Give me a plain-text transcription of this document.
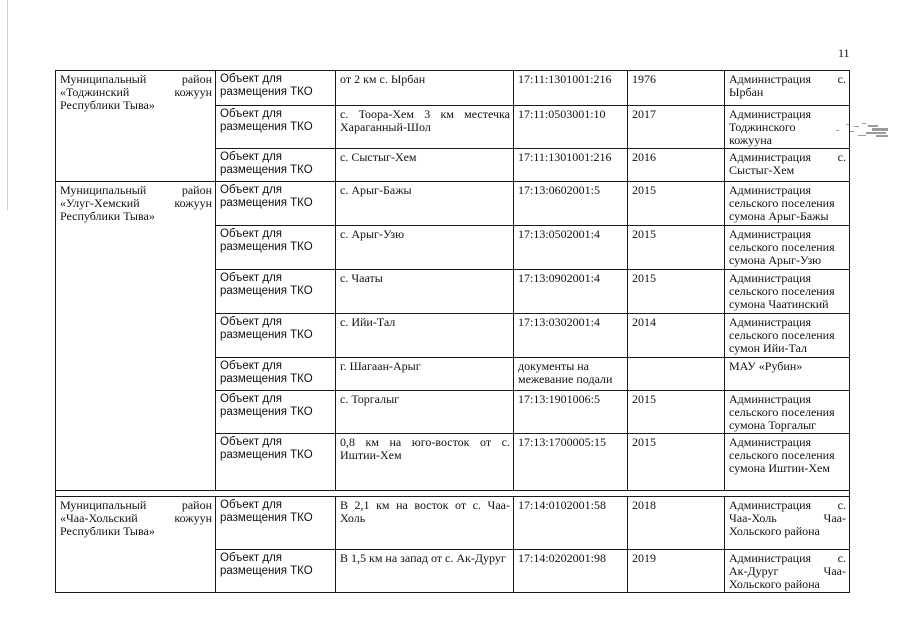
11
Муниципальный район
«Тоджинский кожуун
Республики Тыва»	Объект для размещения ТКО	от 2 км с. Ырбан	17:11:1301001:216	1976	Администрация с.
Ырбан

	Объект для размещения ТКО	с. Тоора-Хем 3 км местечка Хараганный-Шол	17:11:0503001:10	2017	Администрация
Тоджинского
кожууна

	Объект для размещения ТКО	с. Сыстыг-Хем	17:11:1301001:216	2016	Администрация с.
Сыстыг-Хем

Муниципальный район
«Улуг-Хемский кожуун
Республики Тыва»	Объект для размещения ТКО	с. Арыг-Бажы	17:13:0602001:5	2015	Администрация
сельского поселения
сумона Арыг-Бажы

	Объект для размещения ТКО	с. Арыг-Узю	17:13:0502001:4	2015	Администрация
сельского поселения
сумона Арыг-Узю

	Объект для размещения ТКО	с. Чааты	17:13:0902001:4	2015	Администрация
сельского поселения
сумона Чаатинский

	Объект для размещения ТКО	с. Ийи-Тал	17:13:0302001:4	2014	Администрация
сельского поселения
сумон Ийи-Тал

	Объект для размещения ТКО	г. Шагаан-Арыг	документы на межевание подали		МАУ «Рубин»

	Объект для размещения ТКО	с. Торгалыг	17:13:1901006:5	2015	Администрация
сельского поселения
сумона Торгалыг

	Объект для размещения ТКО	0,8 км на юго-восток от с. Иштии-Хем	17:13:1700005:15	2015	Администрация
сельского поселения
сумона Иштии-Хем

Муниципальный район
«Чаа-Хольский кожуун
Республики Тыва»	Объект для размещения ТКО	В 2,1 км на восток от с. Чаа-Холь	17:14:0102001:58	2018	Администрация с.
Чаа-Холь Чаа-
Хольского района

	Объект для размещения ТКО	В 1,5 км на запад от с. Ак-Дуруг	17:14:0202001:98	2019	Администрация с.
Ак-Дуруг Чаа-
Хольского района
